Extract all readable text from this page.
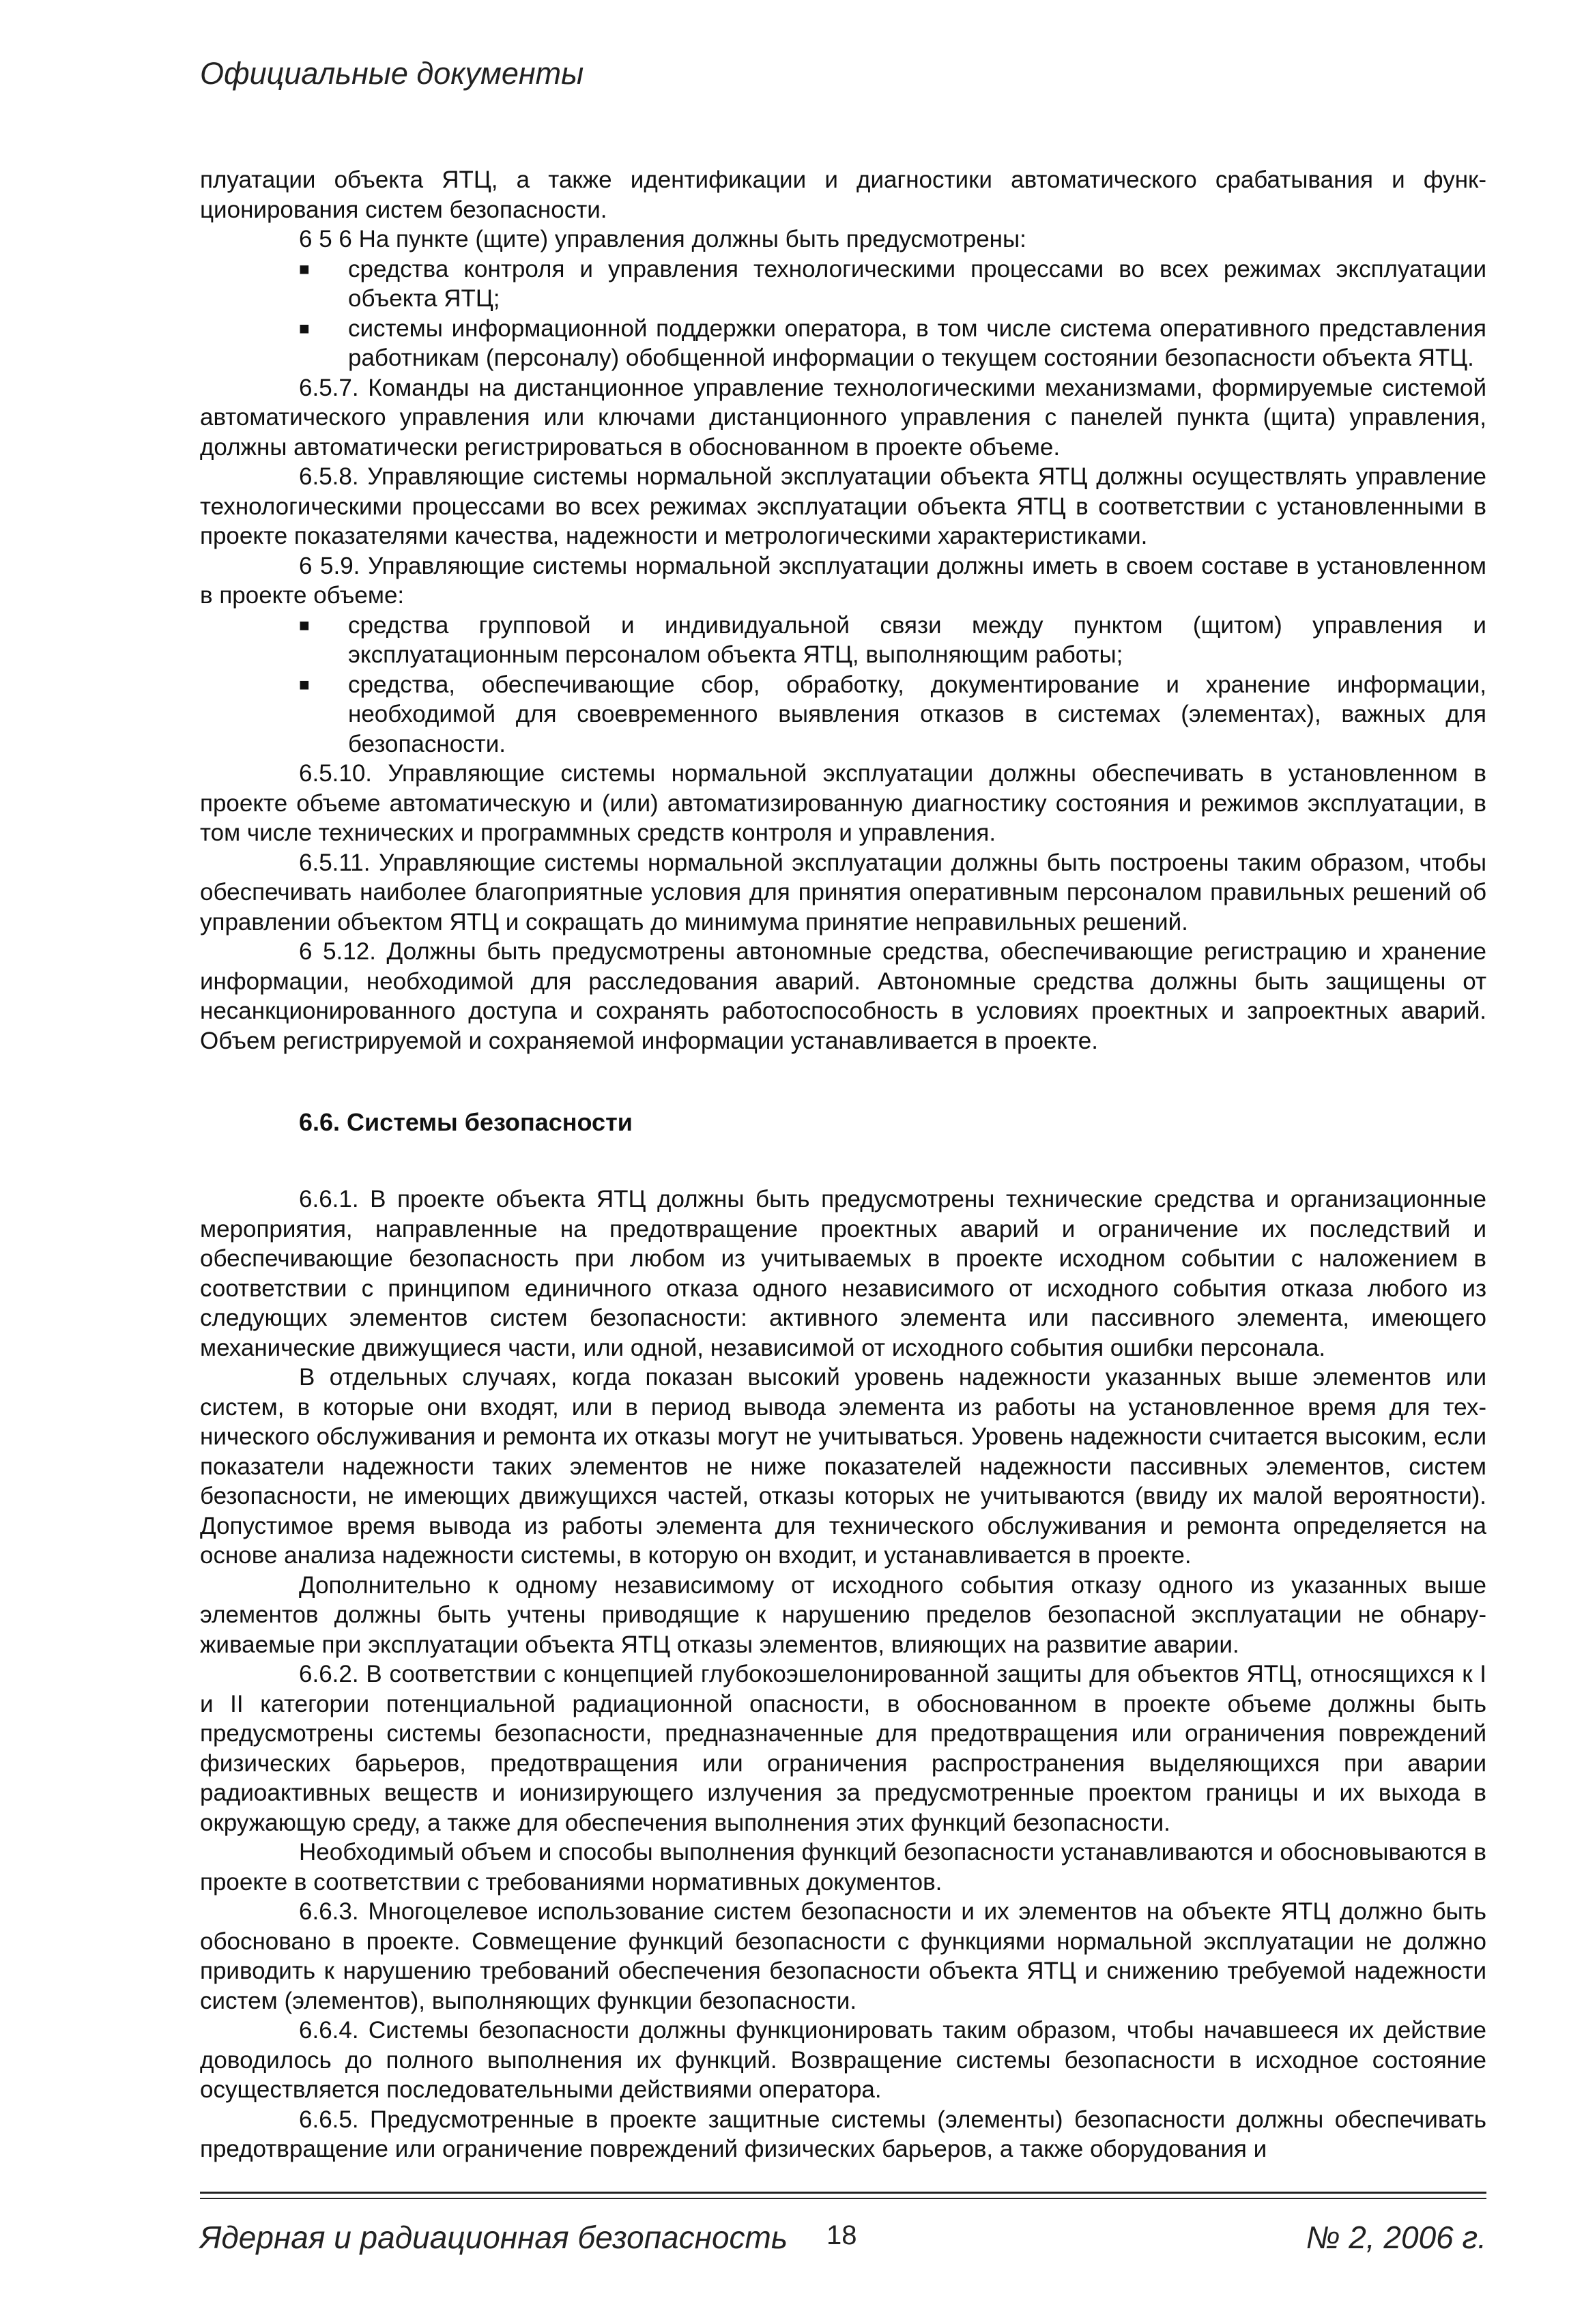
Официальные документы

плуатации объекта ЯТЦ, а также идентификации и диагностики автоматического срабатывания и функционирования систем безопасности.

6 5 6 На пункте (щите) управления должны быть предусмотрены:

■ средства контроля и управления технологическими процессами во всех режимах эксплуатации объекта ЯТЦ;
■ системы информационной поддержки оператора, в том числе система оперативного представления работникам (персоналу) обобщенной информации о текущем состоянии безопасности объекта ЯТЦ.

6.5.7. Команды на дистанционное управление технологическими механизмами, формируемые системой автоматического управления или ключами дистанционного управления с панелей пункта (щита) управления, должны автоматически регистрироваться в обоснованном в проекте объеме.

6.5.8. Управляющие системы нормальной эксплуатации объекта ЯТЦ должны осуществлять управление технологическими процессами во всех режимах эксплуатации объекта ЯТЦ в соответствии с установленными в проекте показателями качества, надежности и метрологическими характеристиками.

6 5.9. Управляющие системы нормальной эксплуатации должны иметь в своем составе в установленном в проекте объеме:

■ средства групповой и индивидуальной связи между пунктом (щитом) управления и эксплуатационным персоналом объекта ЯТЦ, выполняющим работы;
■ средства, обеспечивающие сбор, обработку, документирование и хранение информации, необходимой для своевременного выявления отказов в системах (элементах), важных для безопасности.

6.5.10. Управляющие системы нормальной эксплуатации должны обеспечивать в установленном в проекте объеме автоматическую и (или) автоматизированную диагностику состояния и режимов эксплуатации, в том числе технических и программных средств контроля и управления.

6.5.11. Управляющие системы нормальной эксплуатации должны быть построены таким образом, чтобы обеспечивать наиболее благоприятные условия для принятия оперативным персоналом правильных решений об управлении объектом ЯТЦ и сокращать до минимума принятие неправильных решений.

6 5.12. Должны быть предусмотрены автономные средства, обеспечивающие регистрацию и хранение информации, необходимой для расследования аварий. Автономные средства должны быть защищены от несанкционированного доступа и сохранять работоспособность в условиях проектных и запроектных аварий. Объем регистрируемой и сохраняемой информации устанавливается в проекте.

6.6. Системы безопасности

6.6.1. В проекте объекта ЯТЦ должны быть предусмотрены технические средства и организационные мероприятия, направленные на предотвращение проектных аварий и ограничение их последствий и обеспечивающие безопасность при любом из учитываемых в проекте исходном событии с наложением в соответствии с принципом единичного отказа одного независимого от исходного события отказа любого из следующих элементов систем безопасности: активного элемента или пассивного элемента, имеющего механические движущиеся части, или одной, независимой от исходного события ошибки персонала.

В отдельных случаях, когда показан высокий уровень надежности указанных выше элементов или систем, в которые они входят, или в период вывода элемента из работы на установленное время для технического обслуживания и ремонта их отказы могут не учитываться. Уровень надежности считается высоким, если показатели надежности таких элементов не ниже показателей надежности пассивных элементов, систем безопасности, не имеющих движущихся частей, отказы которых не учитываются (ввиду их малой вероятности). Допустимое время вывода из работы элемента для технического обслуживания и ремонта определяется на основе анализа надежности системы, в которую он входит, и устанавливается в проекте.

Дополнительно к одному независимому от исходного события отказу одного из указанных выше элементов должны быть учтены приводящие к нарушению пределов безопасной эксплуатации не обнаруживаемые при эксплуатации объекта ЯТЦ отказы элементов, влияющих на развитие аварии.

6.6.2. В соответствии с концепцией глубокоэшелонированной защиты для объектов ЯТЦ, относящихся к I и II категории потенциальной радиационной опасности, в обоснованном в проекте объеме должны быть предусмотрены системы безопасности, предназначенные для предотвращения или ограничения повреждений физических барьеров, предотвращения или ограничения распространения выделяющихся при аварии радиоактивных веществ и ионизирующего излучения за предусмотренные проектом границы и их выхода в окружающую среду, а также для обеспечения выполнения этих функций безопасности.

Необходимый объем и способы выполнения функций безопасности устанавливаются и обосновываются в проекте в соответствии с требованиями нормативных документов.

6.6.3. Многоцелевое использование систем безопасности и их элементов на объекте ЯТЦ должно быть обосновано в проекте. Совмещение функций безопасности с функциями нормальной эксплуатации не должно приводить к нарушению требований обеспечения безопасности объекта ЯТЦ и снижению требуемой надежности систем (элементов), выполняющих функции безопасности.

6.6.4. Системы безопасности должны функционировать таким образом, чтобы начавшееся их действие доводилось до полного выполнения их функций. Возвращение системы безопасности в исходное состояние осуществляется последовательными действиями оператора.

6.6.5. Предусмотренные в проекте защитные системы (элементы) безопасности должны обеспечивать предотвращение или ограничение повреждений физических барьеров, а также оборудования и

Ядерная и радиационная безопасность 18	№ 2, 2006 г.
